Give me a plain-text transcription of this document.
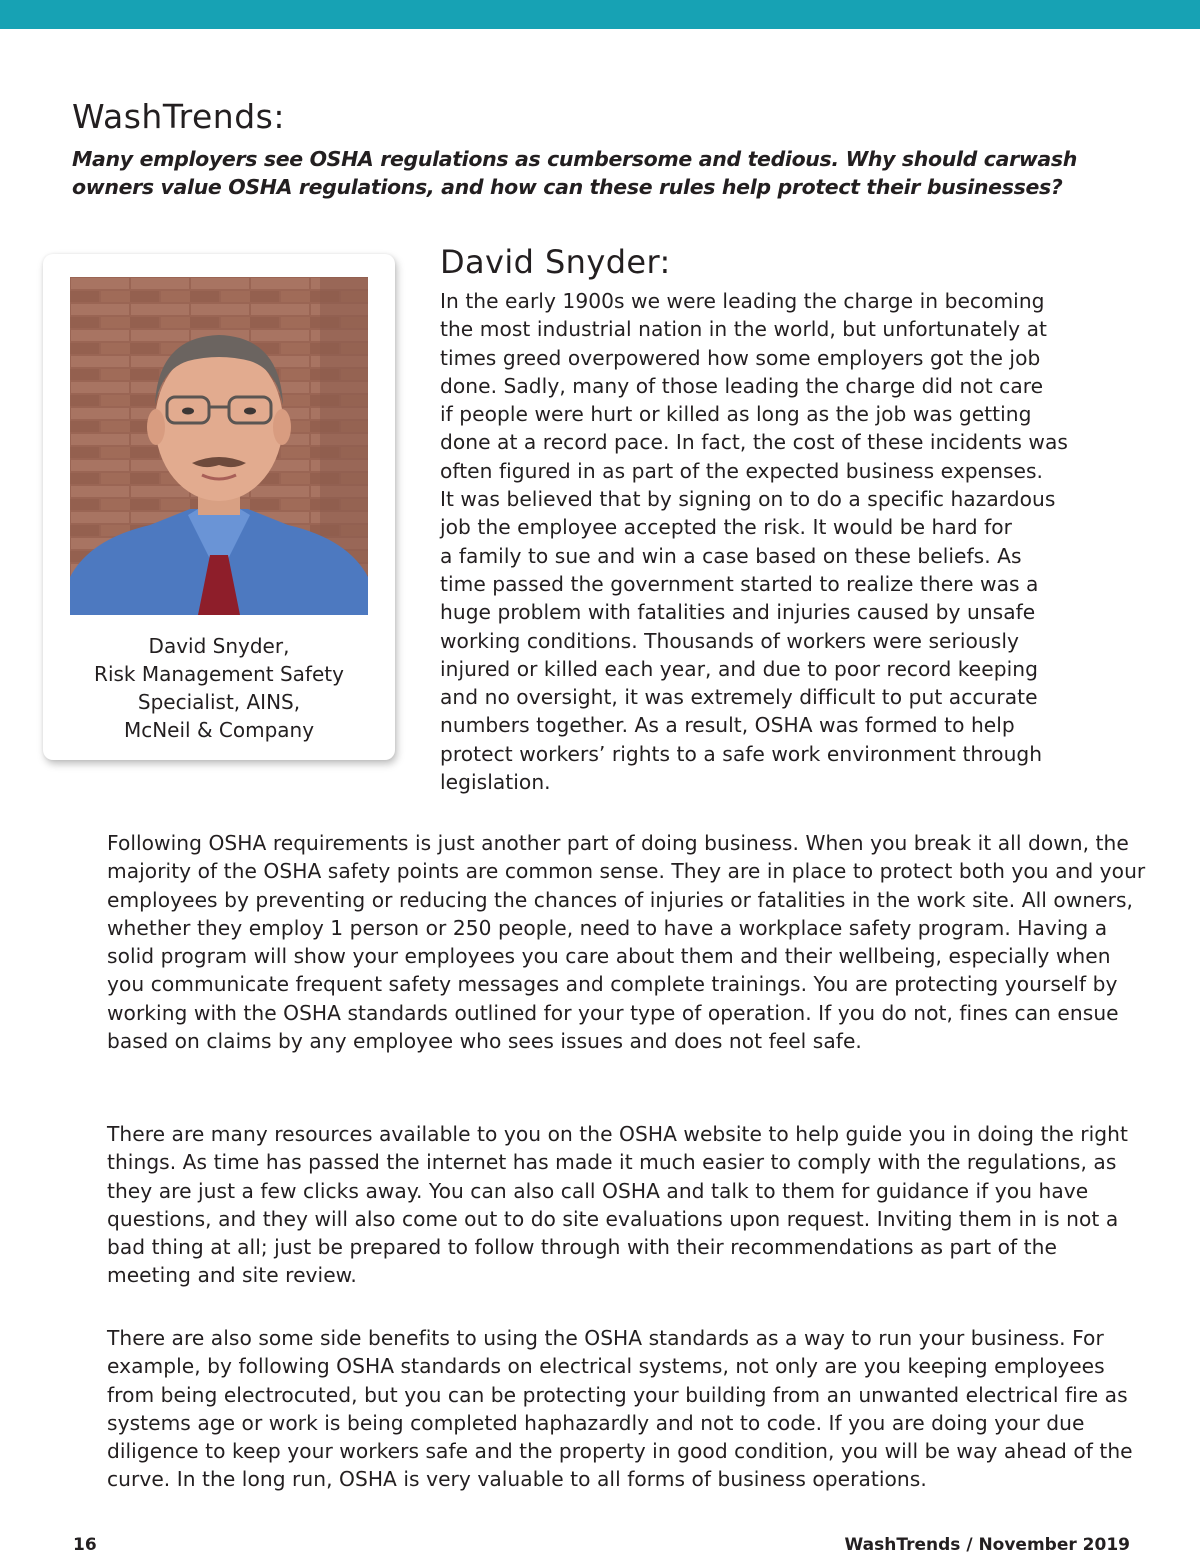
WashTrends:

Many employers see OSHA regulations as cumbersome and tedious. Why should carwash owners value OSHA regulations, and how can these rules help protect their businesses?

David Snyder,
Risk Management Safety
Specialist, AINS,
McNeil & Company

David Snyder:

In the early 1900s we were leading the charge in becoming
the most industrial nation in the world, but unfortunately at
times greed overpowered how some employers got the job
done. Sadly, many of those leading the charge did not care
if people were hurt or killed as long as the job was getting
done at a record pace. In fact, the cost of these incidents was
often figured in as part of the expected business expenses.
It was believed that by signing on to do a specific hazardous
job the employee accepted the risk. It would be hard for
a family to sue and win a case based on these beliefs. As
time passed the government started to realize there was a
huge problem with fatalities and injuries caused by unsafe
working conditions. Thousands of workers were seriously
injured or killed each year, and due to poor record keeping
and no oversight, it was extremely difficult to put accurate
numbers together. As a result, OSHA was formed to help
protect workers’ rights to a safe work environment through
legislation.

Following OSHA requirements is just another part of doing business. When you break it all down, the majority of the OSHA safety points are common sense. They are in place to protect both you and your employees by preventing or reducing the chances of injuries or fatalities in the work site. All owners, whether they employ 1 person or 250 people, need to have a workplace safety program. Having a solid program will show your employees you care about them and their wellbeing, especially when you communicate frequent safety messages and complete trainings. You are protecting yourself by working with the OSHA standards outlined for your type of operation. If you do not, fines can ensue based on claims by any employee who sees issues and does not feel safe.

There are many resources available to you on the OSHA website to help guide you in doing the right things. As time has passed the internet has made it much easier to comply with the regulations, as they are just a few clicks away. You can also call OSHA and talk to them for guidance if you have questions, and they will also come out to do site evaluations upon request. Inviting them in is not a bad thing at all; just be prepared to follow through with their recommendations as part of the meeting and site review.

There are also some side benefits to using the OSHA standards as a way to run your business. For example, by following OSHA standards on electrical systems, not only are you keeping employees from being electrocuted, but you can be protecting your building from an unwanted electrical fire as systems age or work is being completed haphazardly and not to code. If you are doing your due diligence to keep your workers safe and the property in good condition, you will be way ahead of the curve. In the long run, OSHA is very valuable to all forms of business operations.

16	WashTrends / November 2019
